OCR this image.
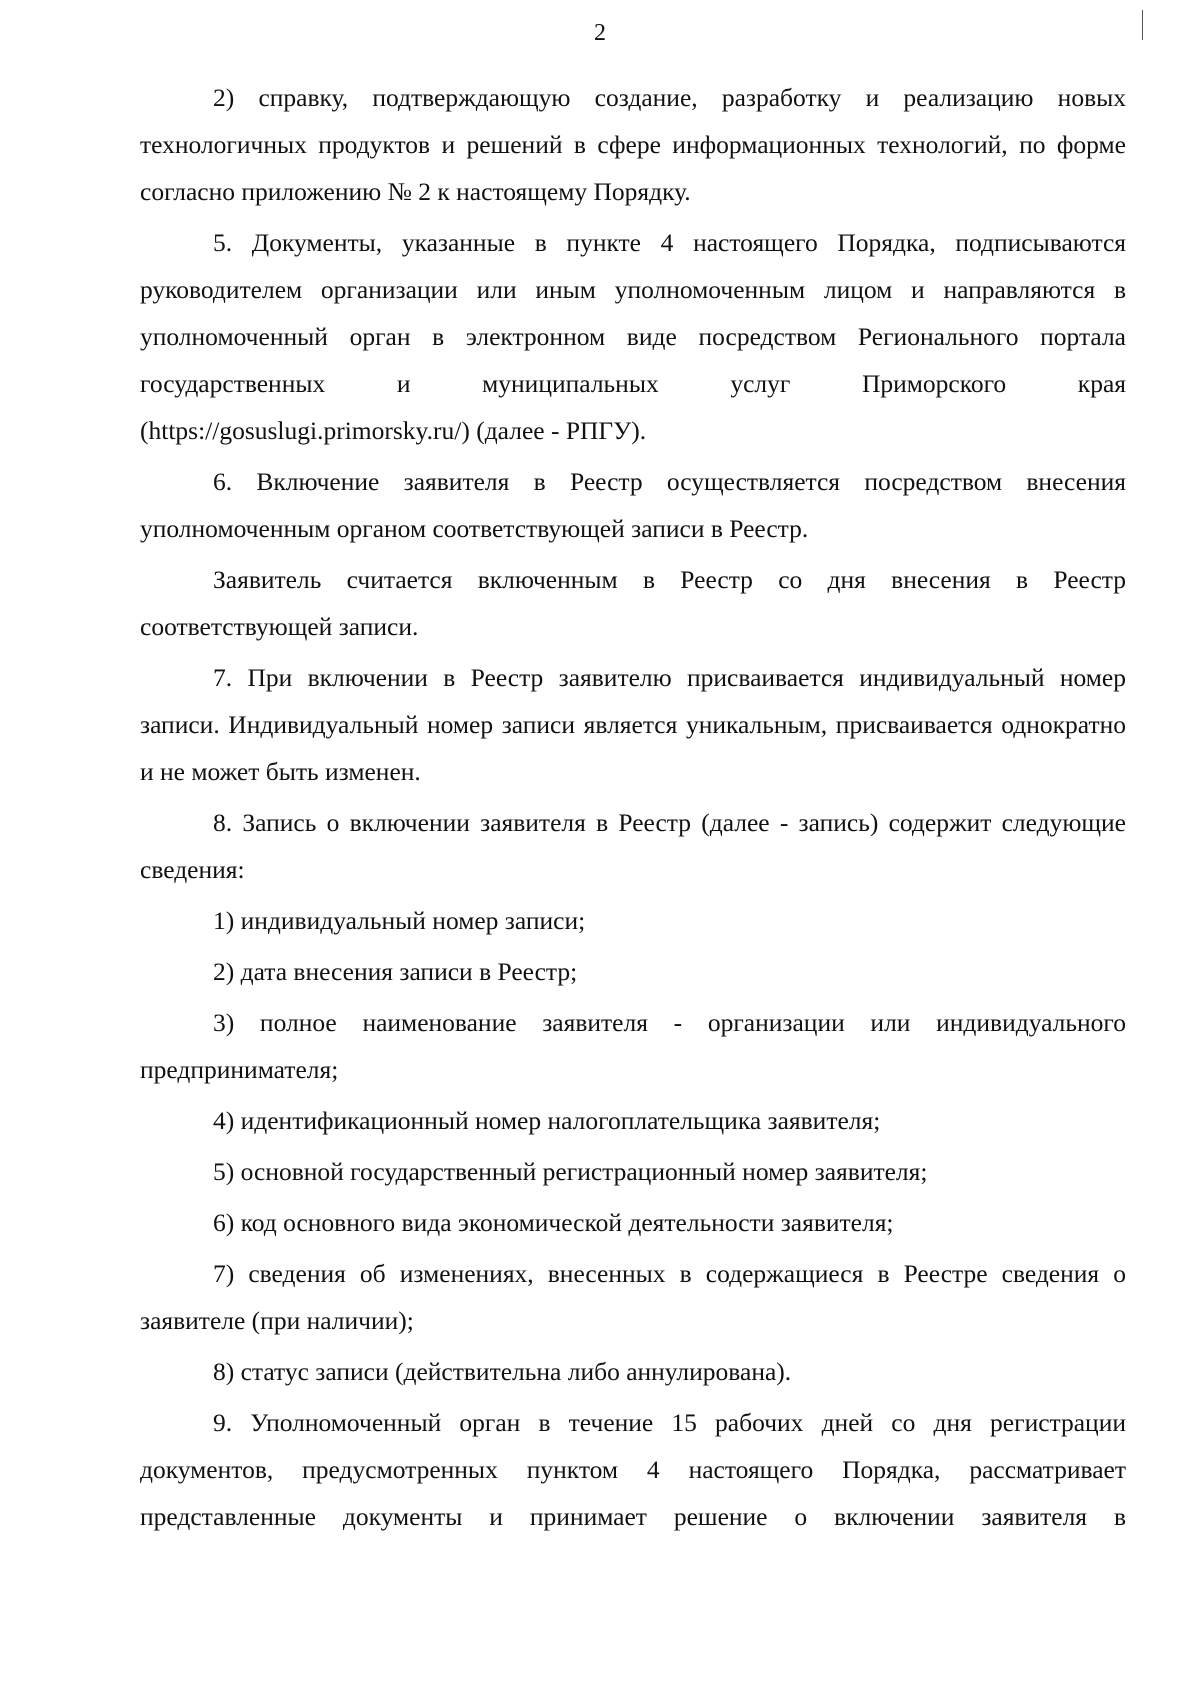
2

2) справку, подтверждающую создание, разработку и реализацию новых технологичных продуктов и решений в сфере информационных технологий, по форме согласно приложению № 2 к настоящему Порядку.

5. Документы, указанные в пункте 4 настоящего Порядка, подписываются руководителем организации или иным уполномоченным лицом и направляются в уполномоченный орган в электронном виде посредством Регионального портала государственных и муниципальных услуг Приморского края (https://gosuslugi.primorsky.ru/) (далее - РПГУ).

6. Включение заявителя в Реестр осуществляется посредством внесения уполномоченным органом соответствующей записи в Реестр.

Заявитель считается включенным в Реестр со дня внесения в Реестр соответствующей записи.

7. При включении в Реестр заявителю присваивается индивидуальный номер записи. Индивидуальный номер записи является уникальным, присваивается однократно и не может быть изменен.

8. Запись о включении заявителя в Реестр (далее - запись) содержит следующие сведения:

1) индивидуальный номер записи;

2) дата внесения записи в Реестр;

3) полное наименование заявителя - организации или индивидуального предпринимателя;

4) идентификационный номер налогоплательщика заявителя;

5) основной государственный регистрационный номер заявителя;

6) код основного вида экономической деятельности заявителя;

7) сведения об изменениях, внесенных в содержащиеся в Реестре сведения о заявителе (при наличии);

8) статус записи (действительна либо аннулирована).

9. Уполномоченный орган в течение 15 рабочих дней со дня регистрации документов, предусмотренных пунктом 4 настоящего Порядка, рассматривает представленные документы и принимает решение о включении заявителя в
